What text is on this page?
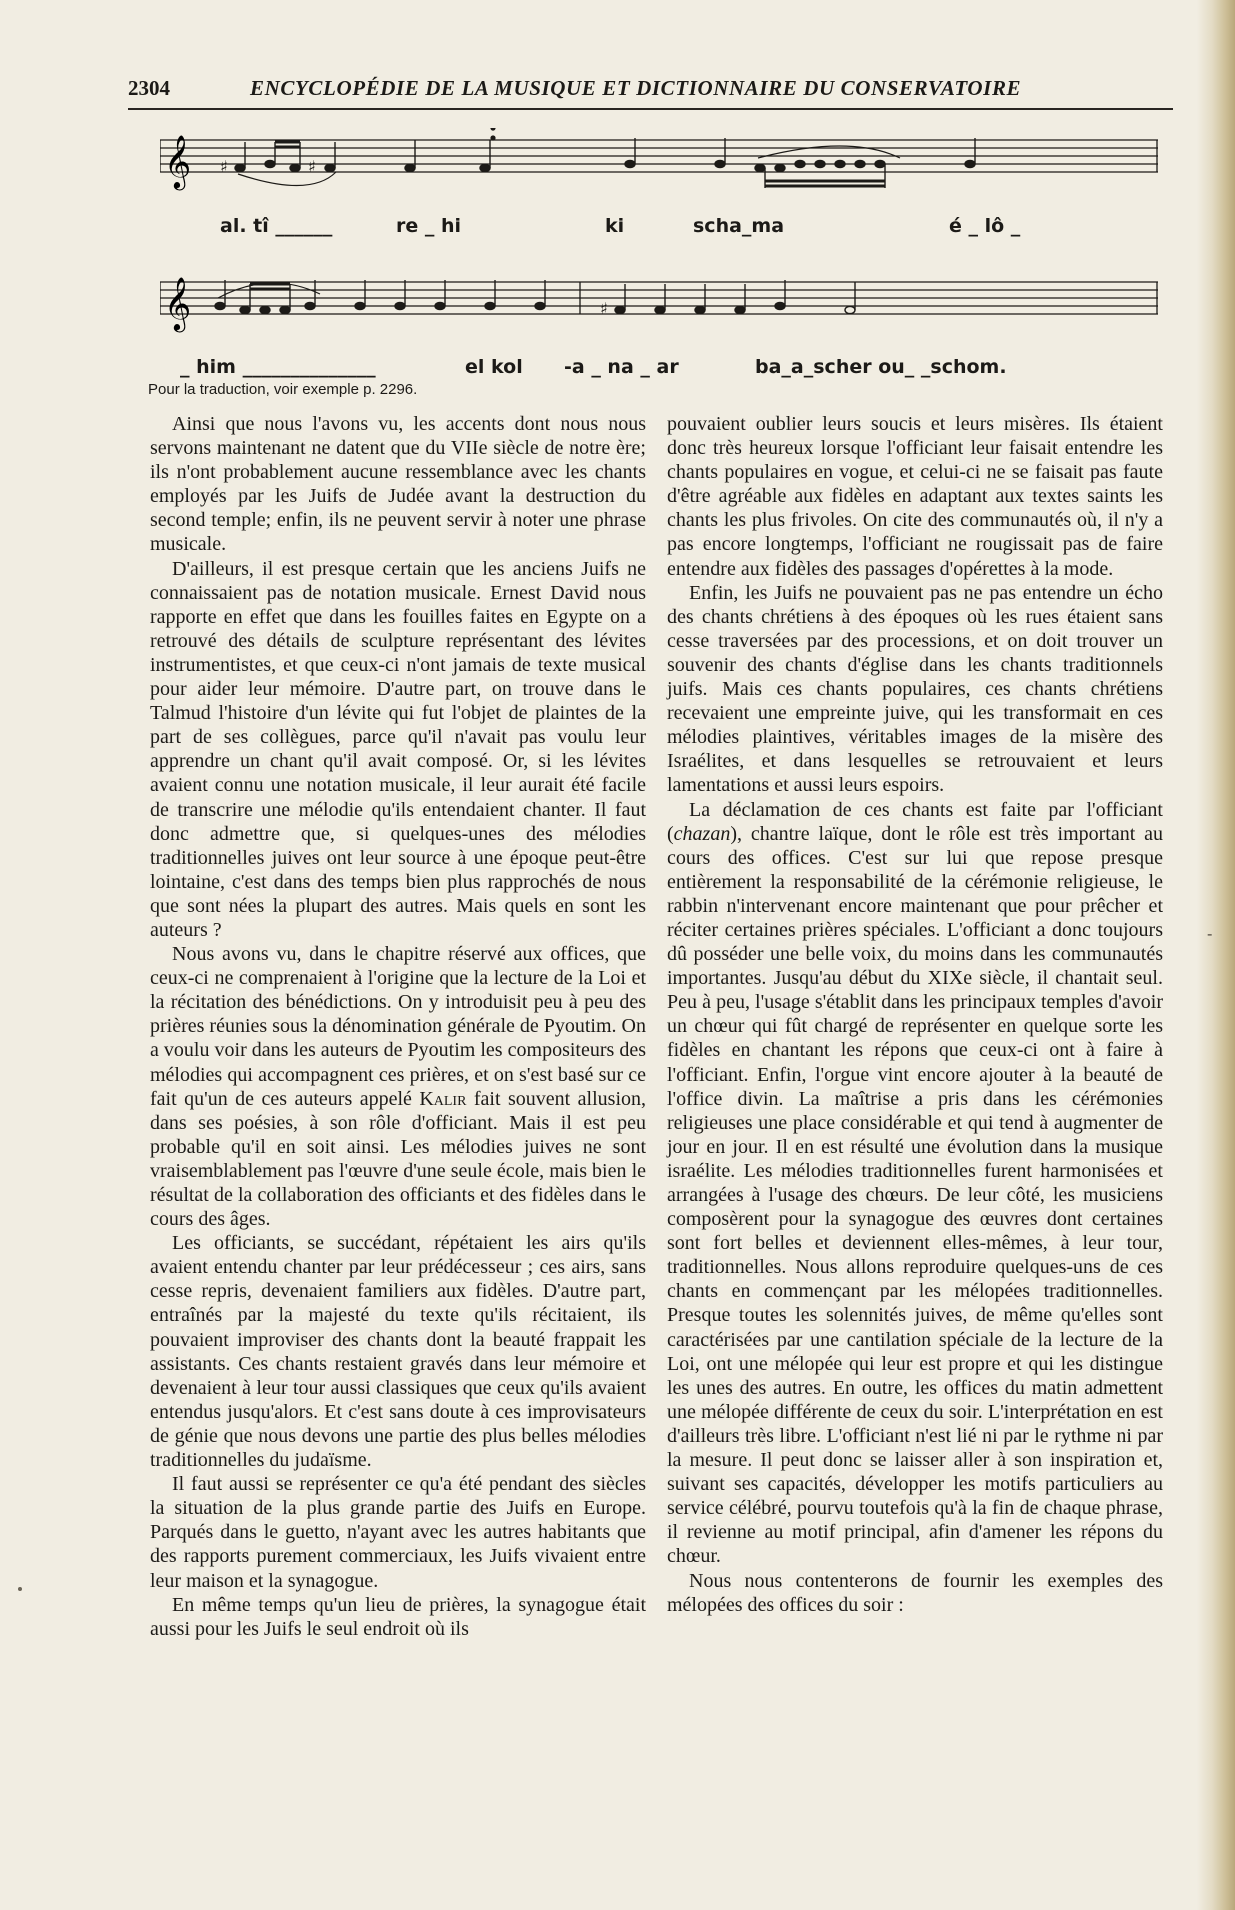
2304	ENCYCLOPÉDIE DE LA MUSIQUE ET DICTIONNAIRE DU CONSERVATOIRE
𝄞 ♯	♯
al. tî ______	re _ hi	ki	scha_ma	é _ lô _
𝄞	♯
_ him ______________	el kol -a _ na _ ar	ba_a_scher ou_ _schom.
Pour la traduction, voir exemple p. 2296.

Ainsi que nous l'avons vu, les accents dont nous nous servons maintenant ne datent que du VIIe siècle de notre ère; ils n'ont probablement aucune ressemblance avec les chants employés par les Juifs de Judée avant la destruction du second temple; enfin, ils ne peuvent servir à noter une phrase musicale.

D'ailleurs, il est presque certain que les anciens Juifs ne connaissaient pas de notation musicale. Ernest David nous rapporte en effet que dans les fouilles faites en Egypte on a retrouvé des détails de sculpture représentant des lévites instrumentistes, et que ceux-ci n'ont jamais de texte musical pour aider leur mémoire. D'autre part, on trouve dans le Talmud l'histoire d'un lévite qui fut l'objet de plaintes de la part de ses collègues, parce qu'il n'avait pas voulu leur apprendre un chant qu'il avait composé. Or, si les lévites avaient connu une notation musicale, il leur aurait été facile de transcrire une mélodie qu'ils entendaient chanter. Il faut donc admettre que, si quelques-unes des mélodies traditionnelles juives ont leur source à une époque peut-être lointaine, c'est dans des temps bien plus rapprochés de nous que sont nées la plupart des autres. Mais quels en sont les auteurs ?

Nous avons vu, dans le chapitre réservé aux offices, que ceux-ci ne comprenaient à l'origine que la lecture de la Loi et la récitation des bénédictions. On y introduisit peu à peu des prières réunies sous la dénomination générale de Pyoutim. On a voulu voir dans les auteurs de Pyoutim les compositeurs des mélodies qui accompagnent ces prières, et on s'est basé sur ce fait qu'un de ces auteurs appelé Kalir fait souvent allusion, dans ses poésies, à son rôle d'officiant. Mais il est peu probable qu'il en soit ainsi. Les mélodies juives ne sont vraisemblablement pas l'œuvre d'une seule école, mais bien le résultat de la collaboration des officiants et des fidèles dans le cours des âges.

Les officiants, se succédant, répétaient les airs qu'ils avaient entendu chanter par leur prédécesseur ; ces airs, sans cesse repris, devenaient familiers aux fidèles. D'autre part, entraînés par la majesté du texte qu'ils récitaient, ils pouvaient improviser des chants dont la beauté frappait les assistants. Ces chants restaient gravés dans leur mémoire et devenaient à leur tour aussi classiques que ceux qu'ils avaient entendus jusqu'alors. Et c'est sans doute à ces improvisateurs de génie que nous devons une partie des plus belles mélodies traditionnelles du judaïsme.

Il faut aussi se représenter ce qu'a été pendant des siècles la situation de la plus grande partie des Juifs en Europe. Parqués dans le guetto, n'ayant avec les autres habitants que des rapports purement commerciaux, les Juifs vivaient entre leur maison et la synagogue.

En même temps qu'un lieu de prières, la synagogue était aussi pour les Juifs le seul endroit où ils

pouvaient oublier leurs soucis et leurs misères. Ils étaient donc très heureux lorsque l'officiant leur faisait entendre les chants populaires en vogue, et celui-ci ne se faisait pas faute d'être agréable aux fidèles en adaptant aux textes saints les chants les plus frivoles. On cite des communautés où, il n'y a pas encore longtemps, l'officiant ne rougissait pas de faire entendre aux fidèles des passages d'opérettes à la mode.

Enfin, les Juifs ne pouvaient pas ne pas entendre un écho des chants chrétiens à des époques où les rues étaient sans cesse traversées par des processions, et on doit trouver un souvenir des chants d'église dans les chants traditionnels juifs. Mais ces chants populaires, ces chants chrétiens recevaient une empreinte juive, qui les transformait en ces mélodies plaintives, véritables images de la misère des Israélites, et dans lesquelles se retrouvaient et leurs lamentations et aussi leurs espoirs.

La déclamation de ces chants est faite par l'officiant (chazan), chantre laïque, dont le rôle est très important au cours des offices. C'est sur lui que repose presque entièrement la responsabilité de la cérémonie religieuse, le rabbin n'intervenant encore maintenant que pour prêcher et réciter certaines prières spéciales. L'officiant a donc toujours dû posséder une belle voix, du moins dans les communautés importantes. Jusqu'au début du XIXe siècle, il chantait seul. Peu à peu, l'usage s'établit dans les principaux temples d'avoir un chœur qui fût chargé de représenter en quelque sorte les fidèles en chantant les répons que ceux-ci ont à faire à l'officiant. Enfin, l'orgue vint encore ajouter à la beauté de l'office divin. La maîtrise a pris dans les cérémonies religieuses une place considérable et qui tend à augmenter de jour en jour. Il en est résulté une évolution dans la musique israélite. Les mélodies traditionnelles furent harmonisées et arrangées à l'usage des chœurs. De leur côté, les musiciens composèrent pour la synagogue des œuvres dont certaines sont fort belles et deviennent elles-mêmes, à leur tour, traditionnelles. Nous allons reproduire quelques-uns de ces chants en commençant par les mélopées traditionnelles. Presque toutes les solennités juives, de même qu'elles sont caractérisées par une cantilation spéciale de la lecture de la Loi, ont une mélopée qui leur est propre et qui les distingue les unes des autres. En outre, les offices du matin admettent une mélopée différente de ceux du soir. L'interprétation en est d'ailleurs très libre. L'officiant n'est lié ni par le rythme ni par la mesure. Il peut donc se laisser aller à son inspiration et, suivant ses capacités, développer les motifs particuliers au service célébré, pourvu toutefois qu'à la fin de chaque phrase, il revienne au motif principal, afin d'amener les répons du chœur.

Nous nous contenterons de fournir les exemples des mélopées des offices du soir :

-
